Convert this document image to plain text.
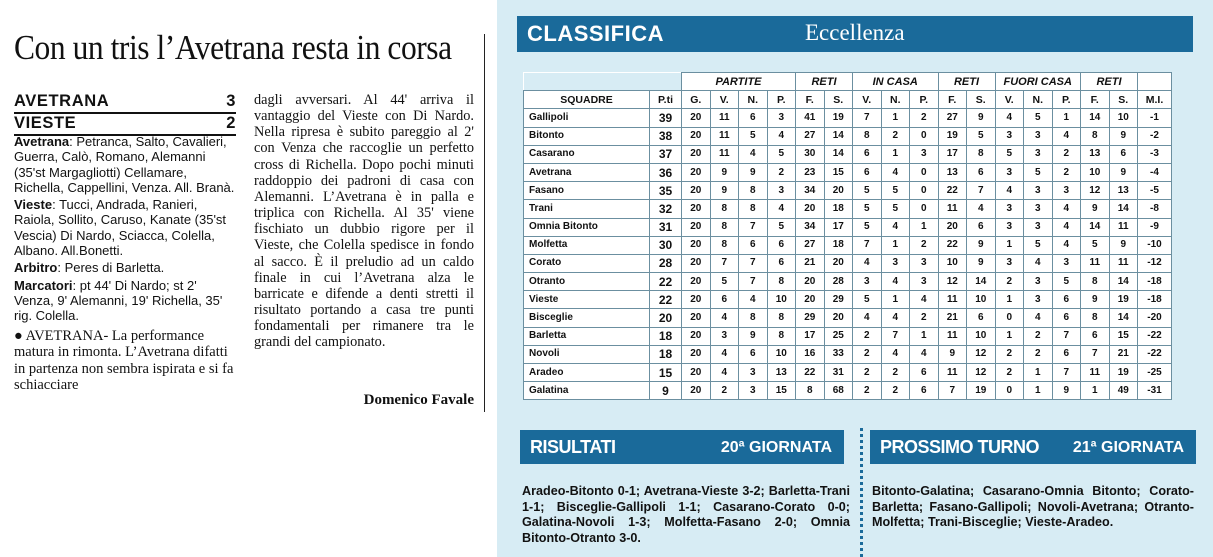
Con un tris l’Avetrana resta in corsa
AVETRANA	3
VIESTE	2

Avetrana: Petranca, Salto, Cavalieri, Guerra, Calò, Romano, Alemanni (35'st Margagliotti) Cellamare, Richella, Cappellini, Venza. All. Branà.

Vieste: Tucci, Andrada, Ranieri, Raiola, Sollito, Caruso, Kanate (35'st Vescia) Di Nardo, Sciacca, Colella, Albano. All.Bonetti.

Arbitro: Peres di Barletta.

Marcatori: pt 44' Di Nardo; st 2' Venza, 9' Alemanni, 19' Richella, 35' rig. Colella.

● AVETRANA- La performance matura in rimonta. L’Avetrana difatti in partenza non sembra ispirata e si fa schiacciare

dagli avversari. Al 44' arriva il vantaggio del Vieste con Di Nardo. Nella ripresa è subito pareggio al 2' con Venza che raccoglie un perfetto cross di Richella. Dopo pochi minuti raddoppio dei padroni di casa con Alemanni. L’Avetrana è in palla e triplica con Richella. Al 35' viene fischiato un dubbio rigore per il Vieste, che Colella spedisce in fondo al sacco. È il preludio ad un caldo finale in cui l’Avetrana alza le barricate e difende a denti stretti il risultato portando a casa tre punti fondamentali per rimanere tra le grandi del campionato.
Domenico Favale
CLASSIFICA	Eccellenza
		PARTITE				RETI		IN CASA			RETI		FUORI CASA			RETI		
SQUADRE	P.ti	G.	V.	N.	P.	F.	S.	V.	N.	P.	F.	S.	V.	N.	P.	F.	S.	M.I.
Gallipoli	39	20	11	6	3	41	19	7	1	2	27	9	4	5	1	14	10	-1
Bitonto	38	20	11	5	4	27	14	8	2	0	19	5	3	3	4	8	9	-2
Casarano	37	20	11	4	5	30	14	6	1	3	17	8	5	3	2	13	6	-3
Avetrana	36	20	9	9	2	23	15	6	4	0	13	6	3	5	2	10	9	-4
Fasano	35	20	9	8	3	34	20	5	5	0	22	7	4	3	3	12	13	-5
Trani	32	20	8	8	4	20	18	5	5	0	11	4	3	3	4	9	14	-8
Omnia Bitonto	31	20	8	7	5	34	17	5	4	1	20	6	3	3	4	14	11	-9
Molfetta	30	20	8	6	6	27	18	7	1	2	22	9	1	5	4	5	9	-10
Corato	28	20	7	7	6	21	20	4	3	3	10	9	3	4	3	11	11	-12
Otranto	22	20	5	7	8	20	28	3	4	3	12	14	2	3	5	8	14	-18
Vieste	22	20	6	4	10	20	29	5	1	4	11	10	1	3	6	9	19	-18
Bisceglie	20	20	4	8	8	29	20	4	4	2	21	6	0	4	6	8	14	-20
Barletta	18	20	3	9	8	17	25	2	7	1	11	10	1	2	7	6	15	-22
Novoli	18	20	4	6	10	16	33	2	4	4	9	12	2	2	6	7	21	-22
Aradeo	15	20	4	3	13	22	31	2	2	6	11	12	2	1	7	11	19	-25
Galatina	9	20	2	3	15	8	68	2	2	6	7	19	0	1	9	1	49	-31
RISULTATI	20ª GIORNATA	PROSSIMO TURNO 21ª GIORNATA
Aradeo-Bitonto 0-1; Avetrana-Vieste 3-2; Barletta-Trani 1-1; Bisceglie-Gallipoli 1-1; Casarano-Corato 0-0; Galatina-Novoli 1-3; Molfetta-Fasano 2-0; Omnia Bitonto-Otranto 3-0.
Bitonto-Galatina; Casarano-Omnia Bitonto; Corato-Barletta; Fasano-Gallipoli; Novoli-Avetrana; Otranto-Molfetta; Trani-Bisceglie; Vieste-Aradeo.
